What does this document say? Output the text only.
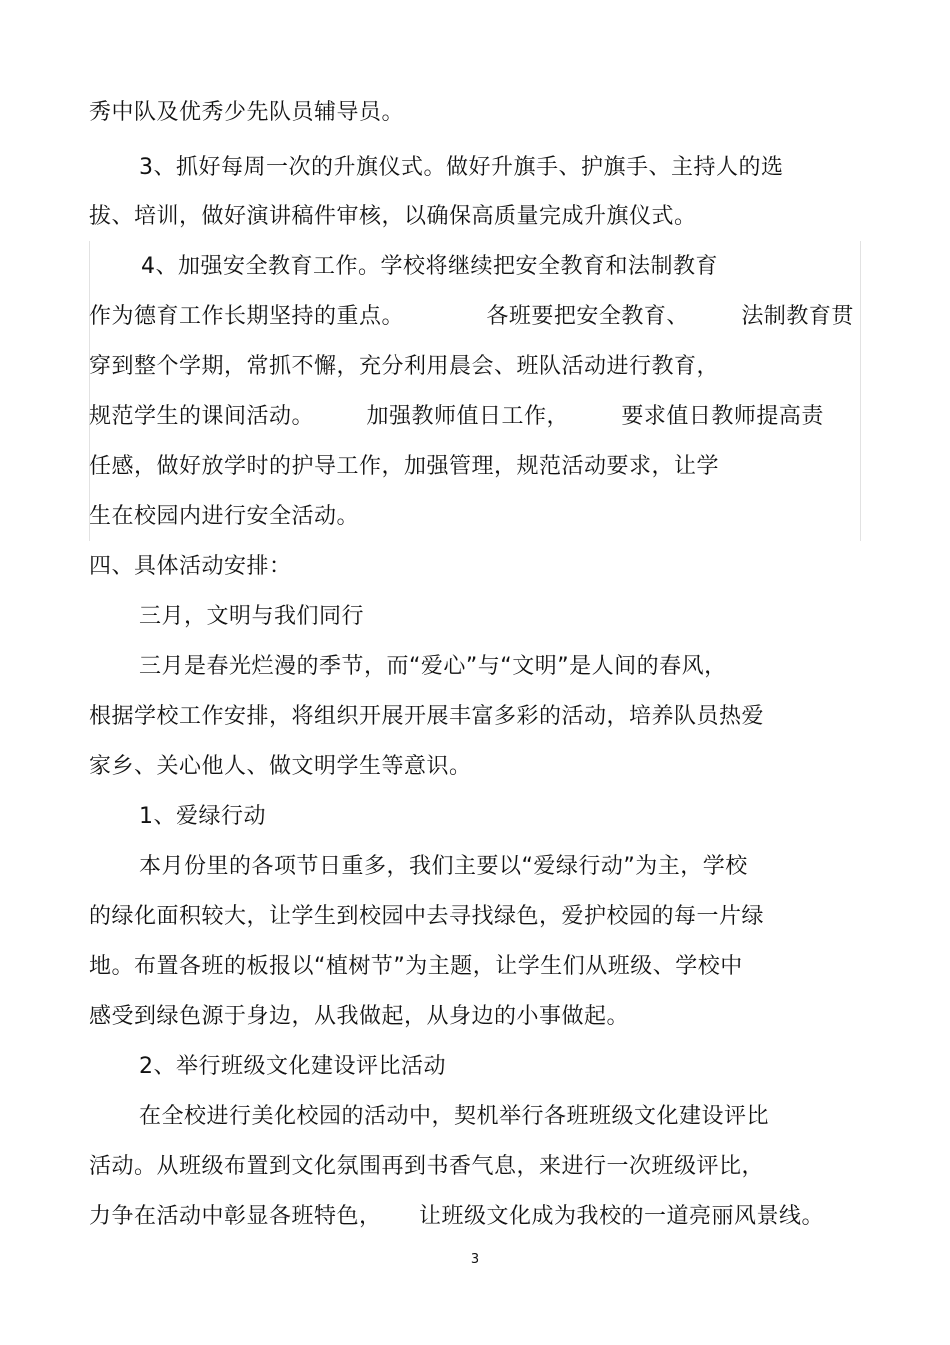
秀中队及优秀少先队员辅导员。
3、抓好每周一次的升旗仪式。做好升旗手、护旗手、主持人的选
拔、培训，做好演讲稿件审核，以确保高质量完成升旗仪式。
4、加强安全教育工作。学校将继续把安全教育和法制教育
作为德育工作长期坚持的重点。           各班要把安全教育、       法制教育贯
穿到整个学期，常抓不懈，充分利用晨会、班队活动进行教育，
规范学生的课间活动。       加强教师值日工作，       要求值日教师提高责
任感，做好放学时的护导工作，加强管理，规范活动要求，让学
生在校园内进行安全活动。
四、具体活动安排：
三月，文明与我们同行
三月是春光烂漫的季节，而“爱心”与“文明”是人间的春风，
根据学校工作安排，将组织开展开展丰富多彩的活动，培养队员热爱
家乡、关心他人、做文明学生等意识。
1、爱绿行动
本月份里的各项节日重多，我们主要以“爱绿行动”为主，学校
的绿化面积较大，让学生到校园中去寻找绿色，爱护校园的每一片绿
地。布置各班的板报以“植树节”为主题，让学生们从班级、学校中
感受到绿色源于身边，从我做起，从身边的小事做起。
2、举行班级文化建设评比活动
在全校进行美化校园的活动中，契机举行各班班级文化建设评比
活动。从班级布置到文化氛围再到书香气息，来进行一次班级评比，
力争在活动中彰显各班特色，     让班级文化成为我校的一道亮丽风景线。
3
